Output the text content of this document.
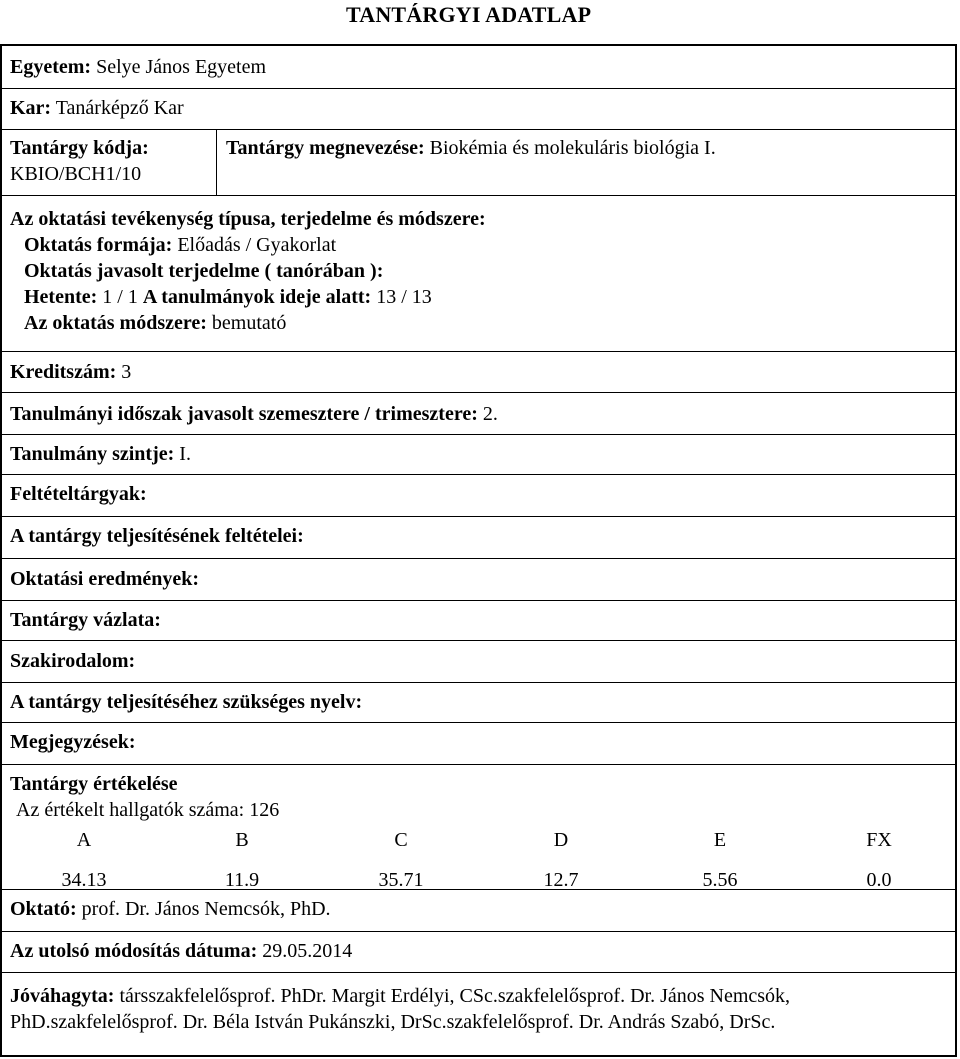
TANTÁRGYI ADATLAP
Egyetem: Selye János Egyetem
Kar: Tanárképző Kar
Tantárgy kódja:
KBIO/BCH1/10
Tantárgy megnevezése: Biokémia és molekuláris biológia I.
Az oktatási tevékenység típusa, terjedelme és módszere:
Oktatás formája: Előadás / Gyakorlat
Oktatás javasolt terjedelme ( tanórában ):
Hetente: 1 / 1 A tanulmányok ideje alatt: 13 / 13
Az oktatás módszere: bemutató
Kreditszám: 3
Tanulmányi időszak javasolt szemesztere / trimesztere: 2.
Tanulmány szintje: I.
Feltételtárgyak:
A tantárgy teljesítésének feltételei:
Oktatási eredmények:
Tantárgy vázlata:
Szakirodalom:
A tantárgy teljesítéséhez szükséges nyelv:
Megjegyzések:
Tantárgy értékelése
Az értékelt hallgatók száma: 126
A	B	C	D	E	FX
34.13	11.9	35.71	12.7	5.56	0.0
Oktató: prof. Dr. János Nemcsók, PhD.
Az utolsó módosítás dátuma: 29.05.2014
Jóváhagyta: társszakfelelősprof. PhDr. Margit Erdélyi, CSc.szakfelelősprof. Dr. János Nemcsók, PhD.szakfelelősprof. Dr. Béla István Pukánszki, DrSc.szakfelelősprof. Dr. András Szabó, DrSc.
